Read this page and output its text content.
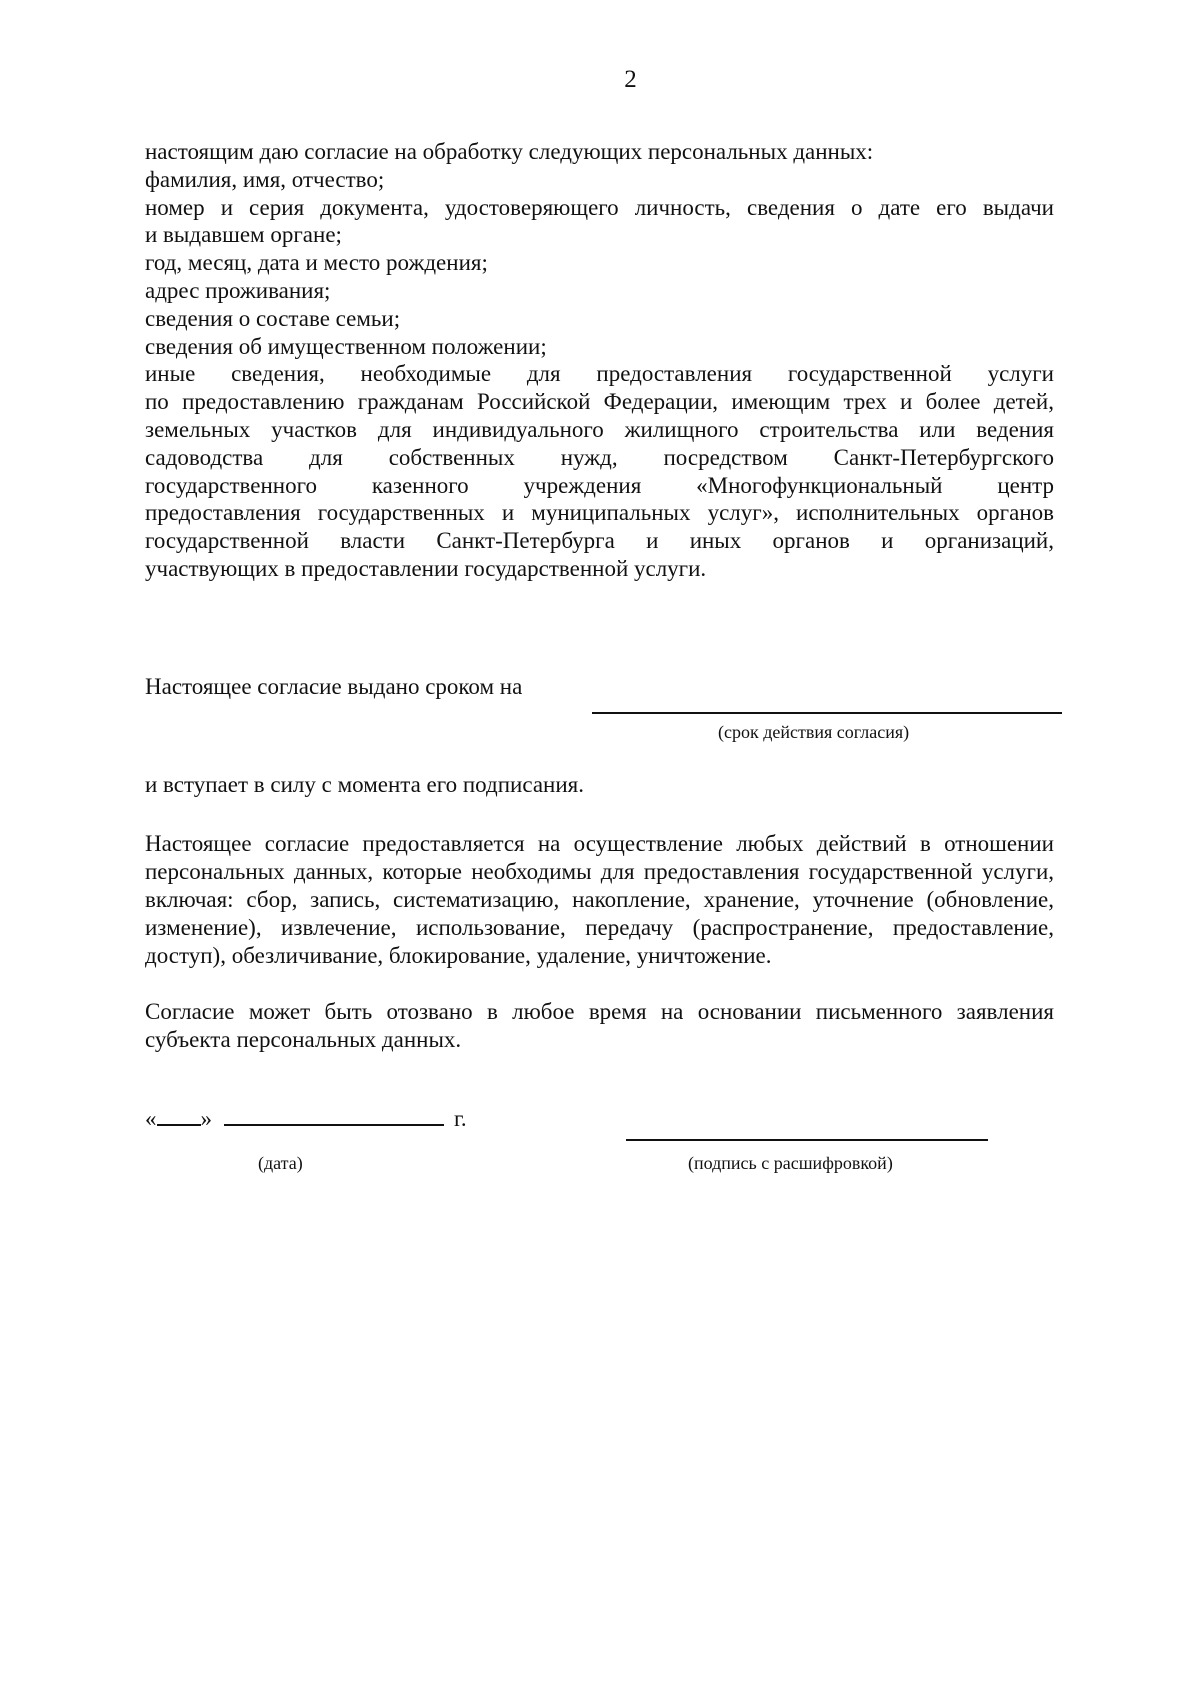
2
настоящим даю согласие на обработку следующих персональных данных:
фамилия, имя, отчество;
номер и серия документа, удостоверяющего личность, сведения о дате его выдачи
и выдавшем органе;
год, месяц, дата и место рождения;
адрес проживания;
сведения о составе семьи;
сведения об имущественном положении;
иные сведения, необходимые для предоставления государственной услуги
по предоставлению гражданам Российской Федерации, имеющим трех и более детей,
земельных участков для индивидуального жилищного строительства или ведения
садоводства для собственных нужд, посредством Санкт-Петербургского
государственного казенного учреждения «Многофункциональный центр
предоставления государственных и муниципальных услуг», исполнительных органов
государственной власти Санкт-Петербурга и иных органов и организаций,
участвующих в предоставлении государственной услуги.
Настоящее согласие выдано сроком на
(срок действия согласия)
и вступает в силу с момента его подписания.
Настоящее согласие предоставляется на осуществление любых действий в отношении персональных данных, которые необходимы для предоставления государственной услуги, включая: сбор, запись, систематизацию, накопление, хранение, уточнение (обновление, изменение), извлечение, использование, передачу (распространение, предоставление, доступ), обезличивание, блокирование, удаление, уничтожение.
Согласие может быть отозвано в любое время на основании письменного заявления субъекта персональных данных.
« »	г.
(дата)	(подпись с расшифровкой)
